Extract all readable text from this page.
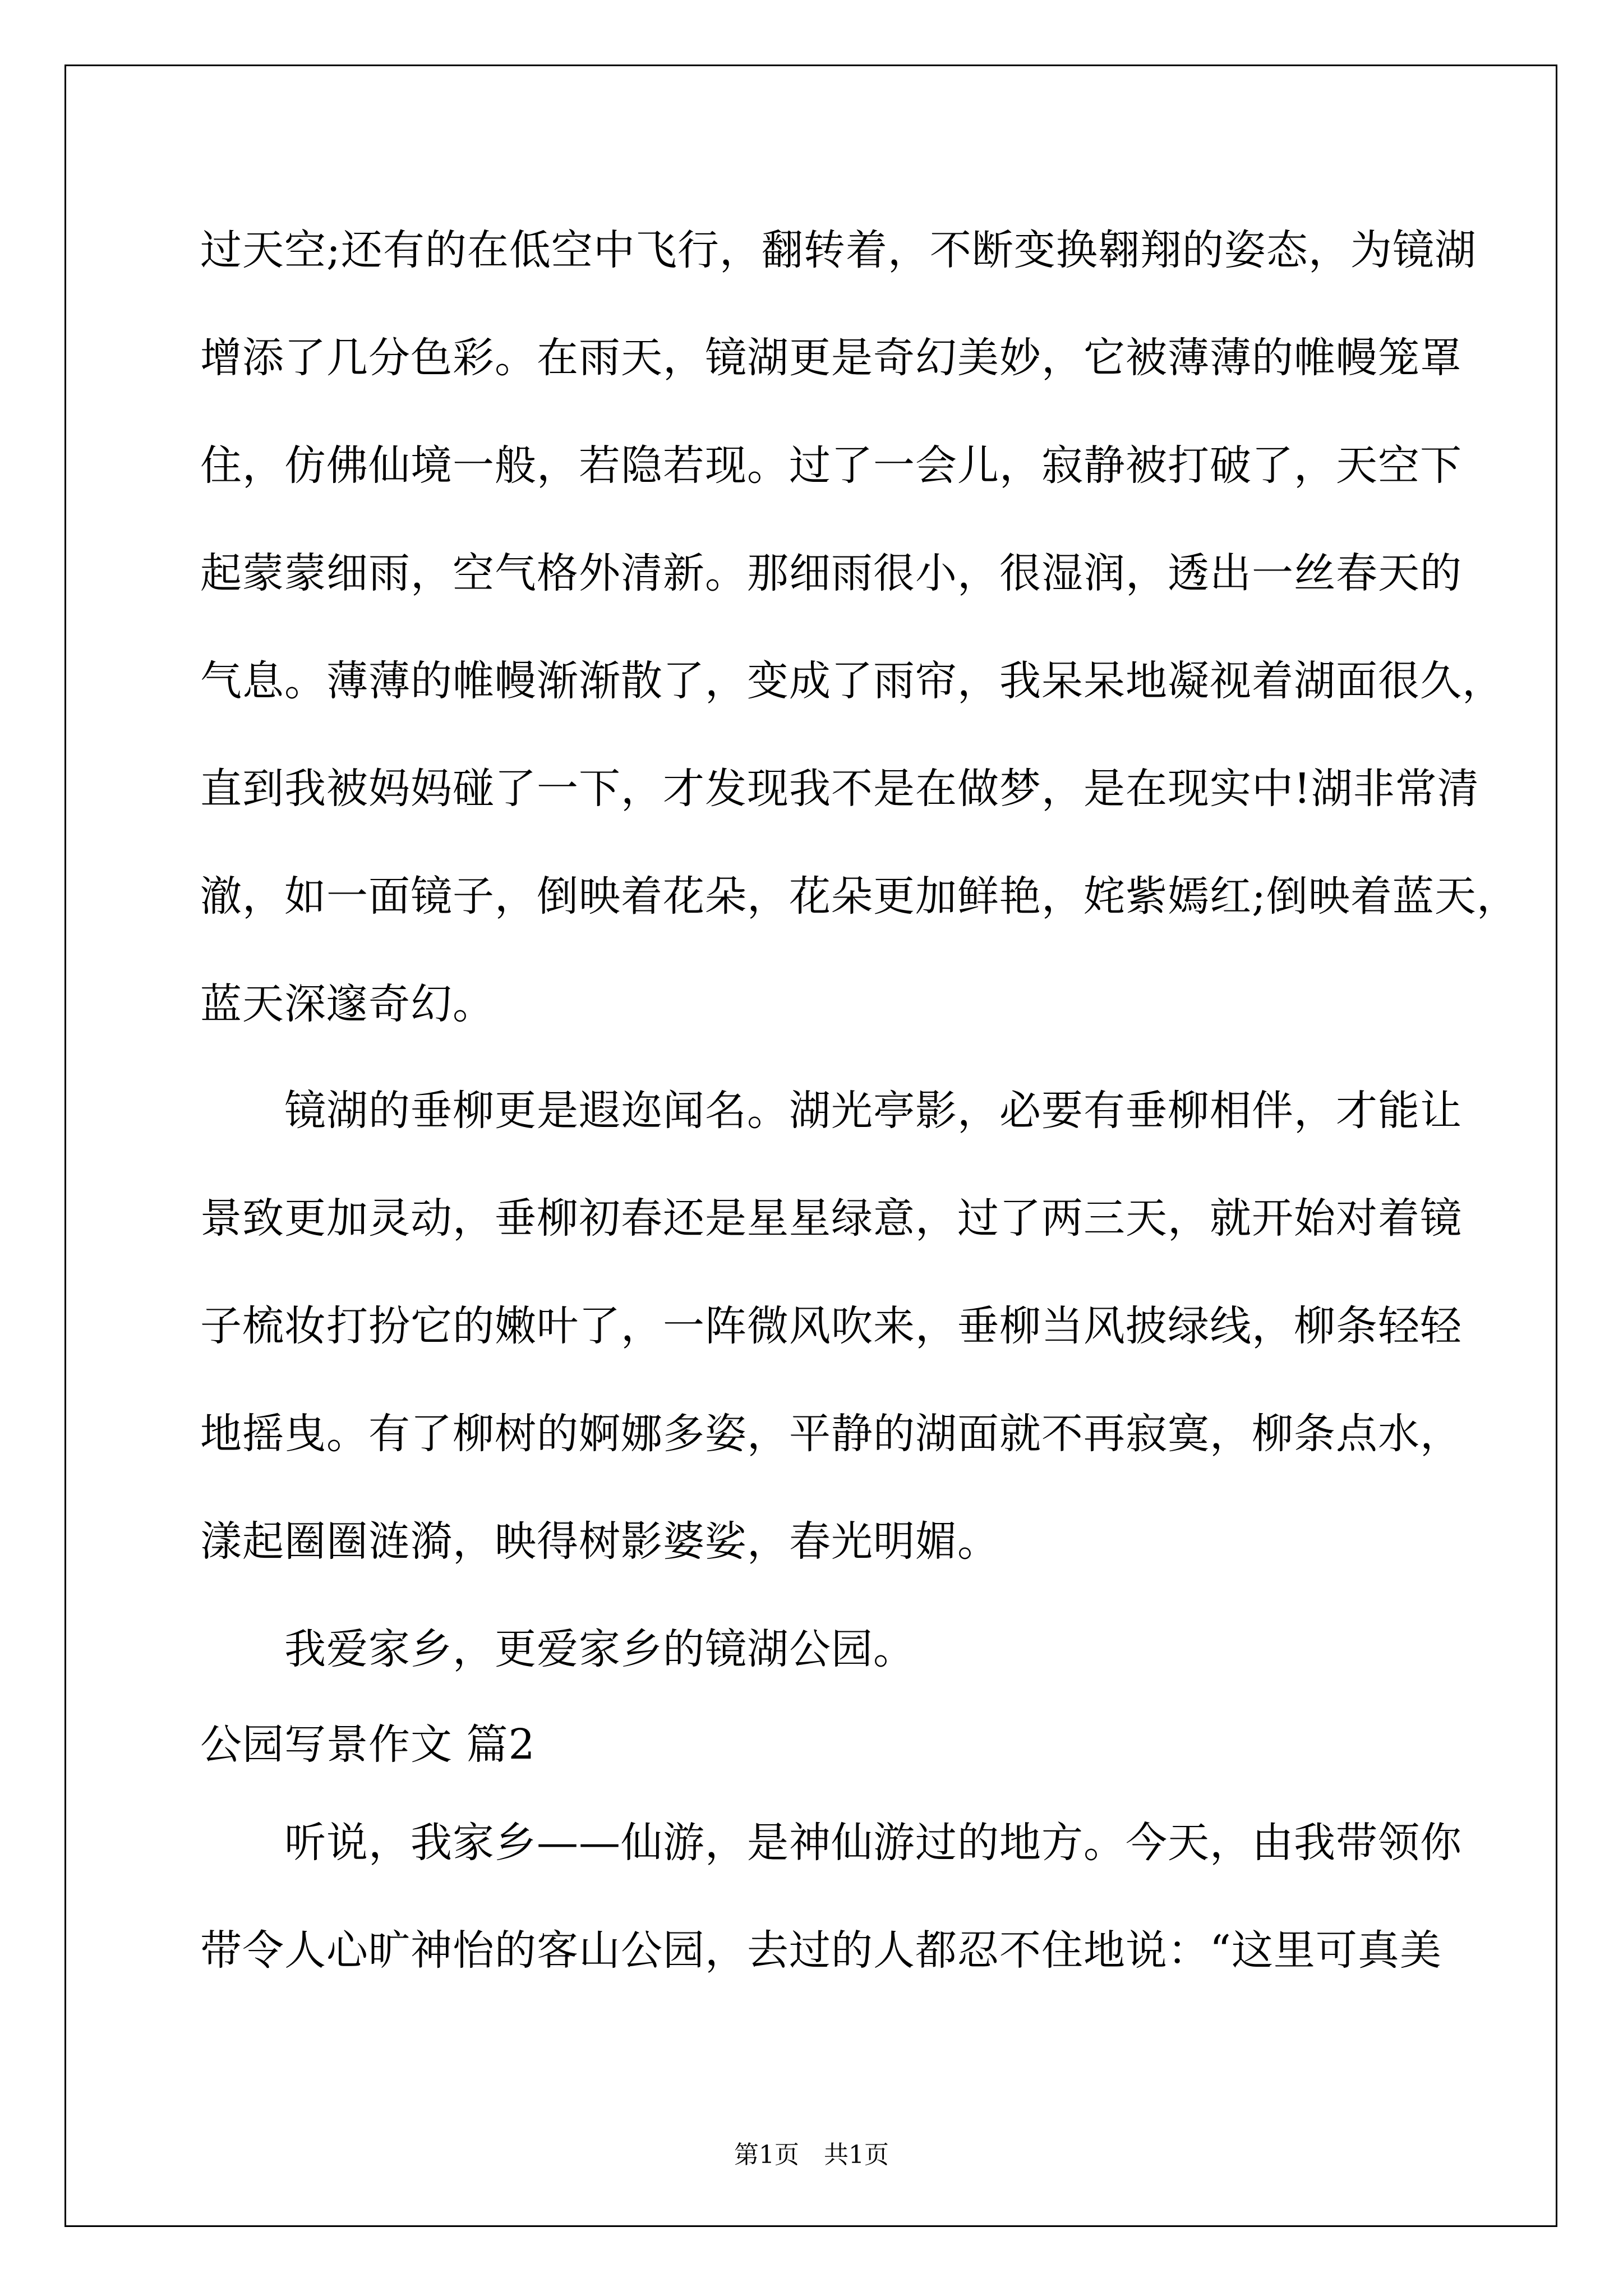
过天空;还有的在低空中飞行，翻转着，不断变换翱翔的姿态，为镜湖
增添了几分色彩。在雨天，镜湖更是奇幻美妙，它被薄薄的帷幔笼罩
住，仿佛仙境一般，若隐若现。过了一会儿，寂静被打破了，天空下
起蒙蒙细雨，空气格外清新。那细雨很小，很湿润，透出一丝春天的
气息。薄薄的帷幔渐渐散了，变成了雨帘，我呆呆地凝视着湖面很久，
直到我被妈妈碰了一下，才发现我不是在做梦，是在现实中!湖非常清
澈，如一面镜子，倒映着花朵，花朵更加鲜艳，姹紫嫣红;倒映着蓝天，
蓝天深邃奇幻。
镜湖的垂柳更是遐迩闻名。湖光亭影，必要有垂柳相伴，才能让
景致更加灵动，垂柳初春还是星星绿意，过了两三天，就开始对着镜
子梳妆打扮它的嫩叶了，一阵微风吹来，垂柳当风披绿线，柳条轻轻
地摇曳。有了柳树的婀娜多姿，平静的湖面就不再寂寞，柳条点水，
漾起圈圈涟漪，映得树影婆娑，春光明媚。
我爱家乡，更爱家乡的镜湖公园。
公园写景作文 篇2
听说，我家乡——仙游，是神仙游过的地方。今天，由我带领你
带令人心旷神怡的客山公园，去过的人都忍不住地说：“这里可真美
第1页　共1页
